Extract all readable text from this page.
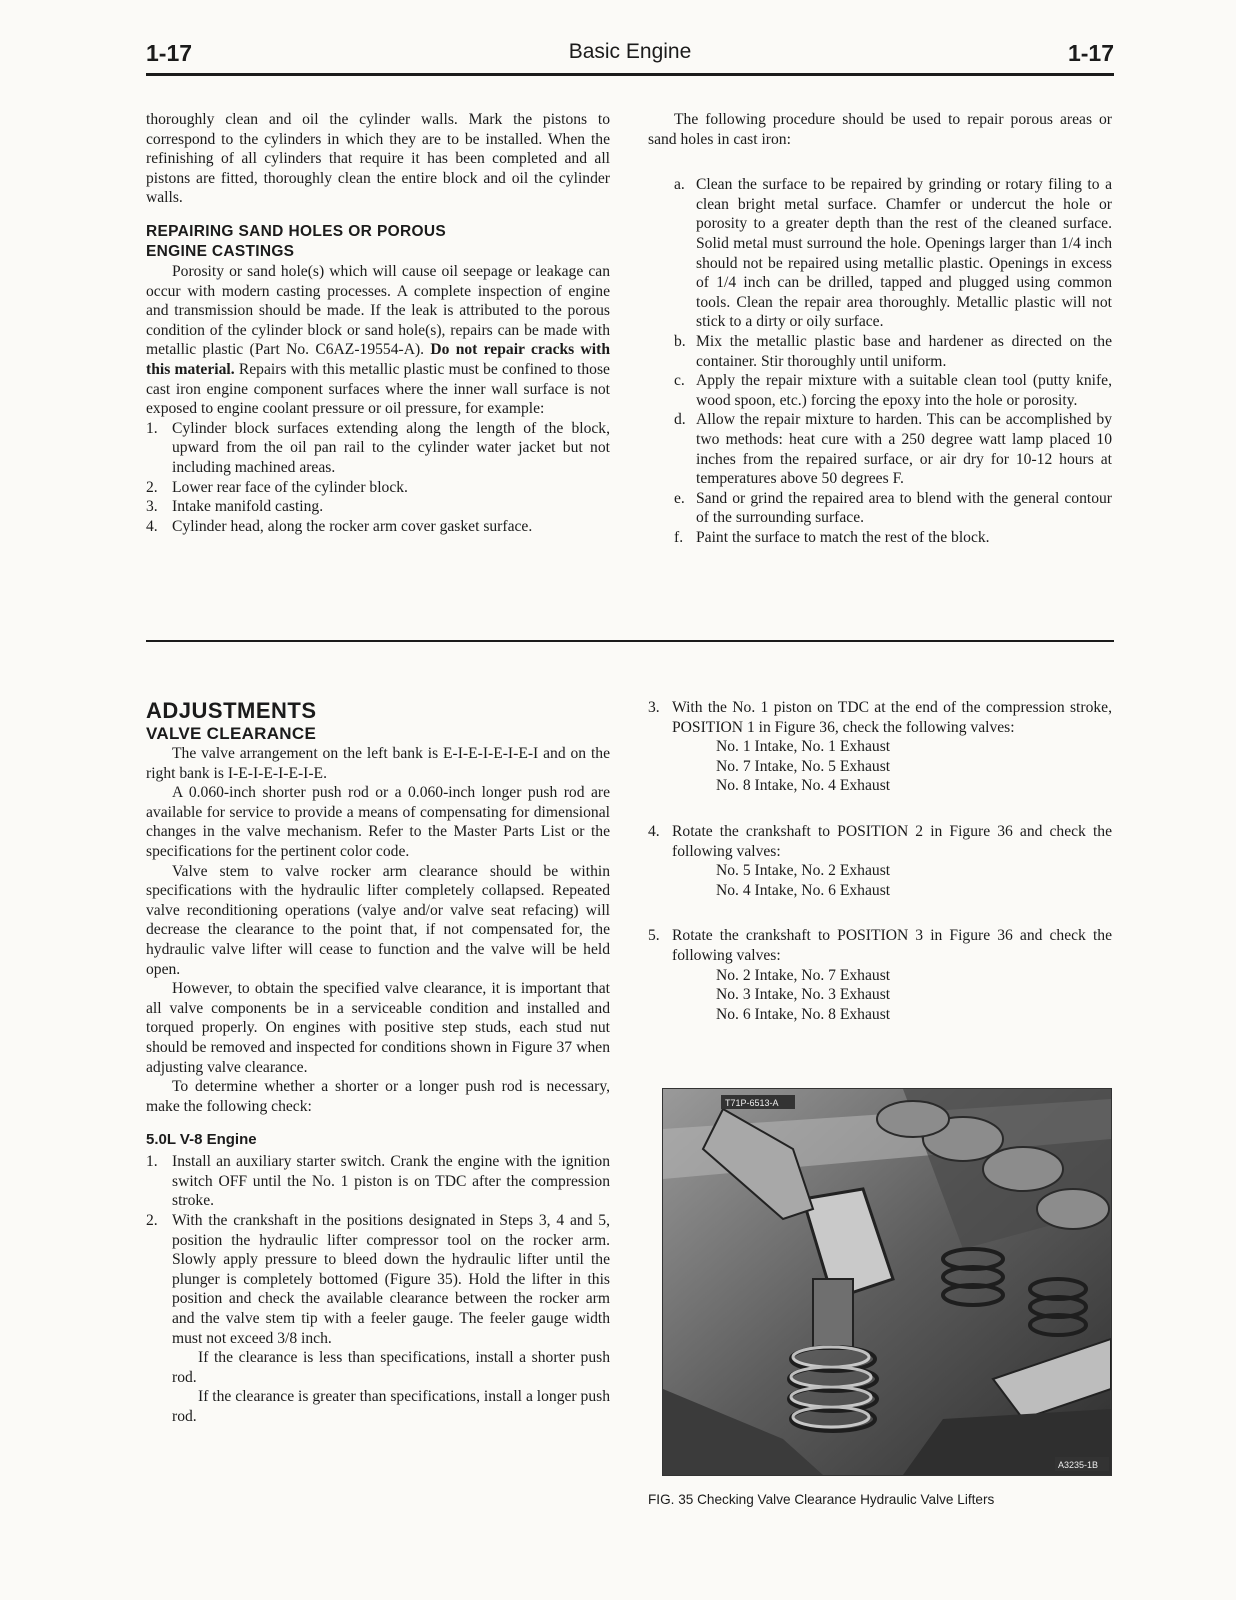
1-17	Basic Engine	1-17

thoroughly clean and oil the cylinder walls. Mark the pistons to correspond to the cylinders in which they are to be installed. When the refinishing of all cylinders that require it has been completed and all pistons are fitted, thoroughly clean the entire block and oil the cylinder walls.

REPAIRING SAND HOLES OR POROUS ENGINE CASTINGS

Porosity or sand hole(s) which will cause oil seepage or leakage can occur with modern casting processes. A complete inspection of engine and transmission should be made. If the leak is attributed to the porous condition of the cylinder block or sand hole(s), repairs can be made with metallic plastic (Part No. C6AZ-19554-A). Do not repair cracks with this material. Repairs with this metallic plastic must be confined to those cast iron engine component surfaces where the inner wall surface is not exposed to engine coolant pressure or oil pressure, for example:

1. Cylinder block surfaces extending along the length of the block, upward from the oil pan rail to the cylinder water jacket but not including machined areas.
2. Lower rear face of the cylinder block.
3. Intake manifold casting.
4. Cylinder head, along the rocker arm cover gasket surface.

The following procedure should be used to repair porous areas or sand holes in cast iron:

a. Clean the surface to be repaired by grinding or rotary filing to a clean bright metal surface. Chamfer or undercut the hole or porosity to a greater depth than the rest of the cleaned surface. Solid metal must surround the hole. Openings larger than 1/4 inch should not be repaired using metallic plastic. Openings in excess of 1/4 inch can be drilled, tapped and plugged using common tools. Clean the repair area thoroughly. Metallic plastic will not stick to a dirty or oily surface.
b. Mix the metallic plastic base and hardener as directed on the container. Stir thoroughly until uniform.
c. Apply the repair mixture with a suitable clean tool (putty knife, wood spoon, etc.) forcing the epoxy into the hole or porosity.
d. Allow the repair mixture to harden. This can be accomplished by two methods: heat cure with a 250 degree watt lamp placed 10 inches from the repaired surface, or air dry for 10-12 hours at temperatures above 50 degrees F.
e. Sand or grind the repaired area to blend with the general contour of the surrounding surface.
f. Paint the surface to match the rest of the block.
ADJUSTMENTS
VALVE CLEARANCE

The valve arrangement on the left bank is E-I-E-I-E-I-E-I and on the right bank is I-E-I-E-I-E-I-E.

A 0.060-inch shorter push rod or a 0.060-inch longer push rod are available for service to provide a means of compensating for dimensional changes in the valve mechanism. Refer to the Master Parts List or the specifications for the pertinent color code.

Valve stem to valve rocker arm clearance should be within specifications with the hydraulic lifter completely collapsed. Repeated valve reconditioning operations (valye and/or valve seat refacing) will decrease the clearance to the point that, if not compensated for, the hydraulic valve lifter will cease to function and the valve will be held open.

However, to obtain the specified valve clearance, it is important that all valve components be in a serviceable condition and installed and torqued properly. On engines with positive step studs, each stud nut should be removed and inspected for conditions shown in Figure 37 when adjusting valve clearance.

To determine whether a shorter or a longer push rod is necessary, make the following check:

5.0L V-8 Engine
1. Install an auxiliary starter switch. Crank the engine with the ignition switch OFF until the No. 1 piston is on TDC after the compression stroke.
2. With the crankshaft in the positions designated in Steps 3, 4 and 5, position the hydraulic lifter compressor tool on the rocker arm. Slowly apply pressure to bleed down the hydraulic lifter until the plunger is completely bottomed (Figure 35). Hold the lifter in this position and check the available clearance between the rocker arm and the valve stem tip with a feeler gauge. The feeler gauge width must not exceed 3/8 inch.

If the clearance is less than specifications, install a shorter push rod.

If the clearance is greater than specifications, install a longer push rod.

3. With the No. 1 piston on TDC at the end of the compression stroke, POSITION 1 in Figure 36, check the following valves:

No. 1 Intake, No. 1 Exhaust
No. 7 Intake, No. 5 Exhaust
No. 8 Intake, No. 4 Exhaust
4. Rotate the crankshaft to POSITION 2 in Figure 36 and check the following valves:

No. 5 Intake, No. 2 Exhaust
No. 4 Intake, No. 6 Exhaust
5. Rotate the crankshaft to POSITION 3 in Figure 36 and check the following valves:

No. 2 Intake, No. 7 Exhaust
No. 3 Intake, No. 3 Exhaust
No. 6 Intake, No. 8 Exhaust
T71P-6513-A
A3235-1B
FIG. 35 Checking Valve Clearance Hydraulic Valve Lifters
